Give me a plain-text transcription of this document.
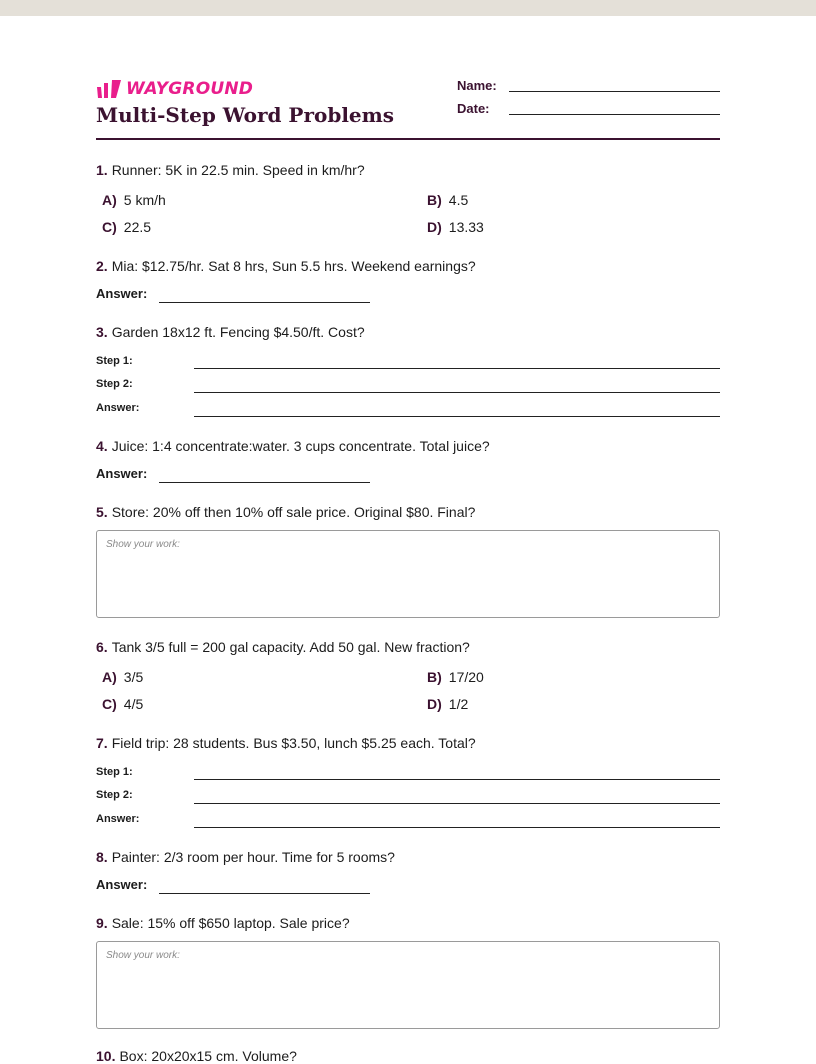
WAYGROUND
Multi-Step Word Problems
Name:
Date:
1. Runner: 5K in 22.5 min. Speed in km/hr?
A) 5 km/h	B) 4.5
C) 22.5	D) 13.33
2. Mia: $12.75/hr. Sat 8 hrs, Sun 5.5 hrs. Weekend earnings?
Answer:
3. Garden 18x12 ft. Fencing $4.50/ft. Cost?
Step 1:
Step 2:
Answer:
4. Juice: 1:4 concentrate:water. 3 cups concentrate. Total juice?
Answer:
5. Store: 20% off then 10% off sale price. Original $80. Final?
Show your work:
6. Tank 3/5 full = 200 gal capacity. Add 50 gal. New fraction?
A) 3/5	B) 17/20
C) 4/5	D) 1/2
7. Field trip: 28 students. Bus $3.50, lunch $5.25 each. Total?
Step 1:
Step 2:
Answer:
8. Painter: 2/3 room per hour. Time for 5 rooms?
Answer:
9. Sale: 15% off $650 laptop. Sale price?
Show your work:
10. Box: 20x20x15 cm. Volume?
